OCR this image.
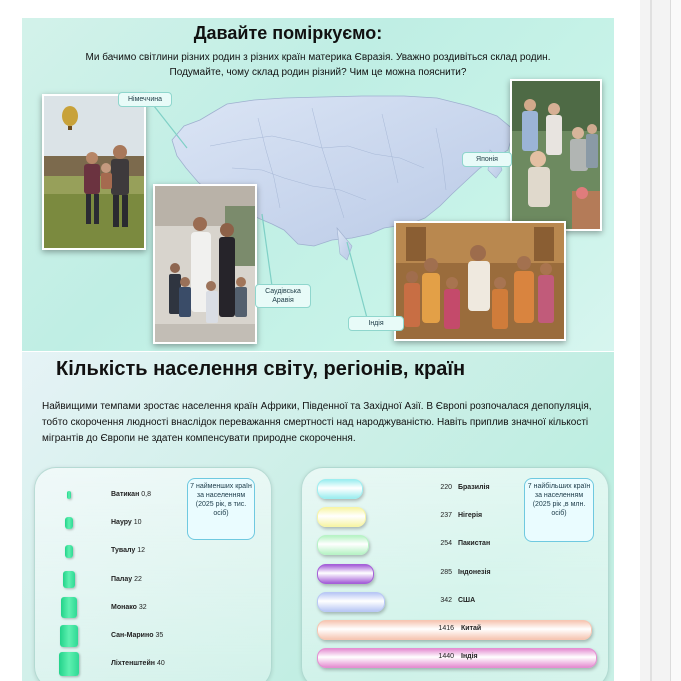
Давайте поміркуємо:
Ми бачимо світлини різних родин з різних країн материка Євразія. Уважно роздивіться склад родин.
Подумайте, чому склад родин різний? Чим це можна пояснити?
Німеччина
Японія
Саудівська Аравія
Індія
Кількість населення світу, регіонів, країн
Найвищими темпами зростає населення країн Африки, Південної та Західної Азії. В Європі розпочалася депопуляція, тобто скорочення людності внаслідок переважання смертності над народжуваністю. Навіть приплив значної кількості мігрантів до Європи не здатен компенсувати природне скорочення.
7 найменших країн за населенням (2025 рік, в тис. осіб)
Ватикан 0,8
Науру 10
Тувалу 12
Палау 22
Монако 32
Сан-Марино 35
Ліхтенштейн 40
7 найбільших країн за населенням (2025 рік ,в млн. осіб)
220 Бразилія
237 Нігерія
254 Пакистан
285 Індонезія
342 США
1416 Китай
1440 Індія
